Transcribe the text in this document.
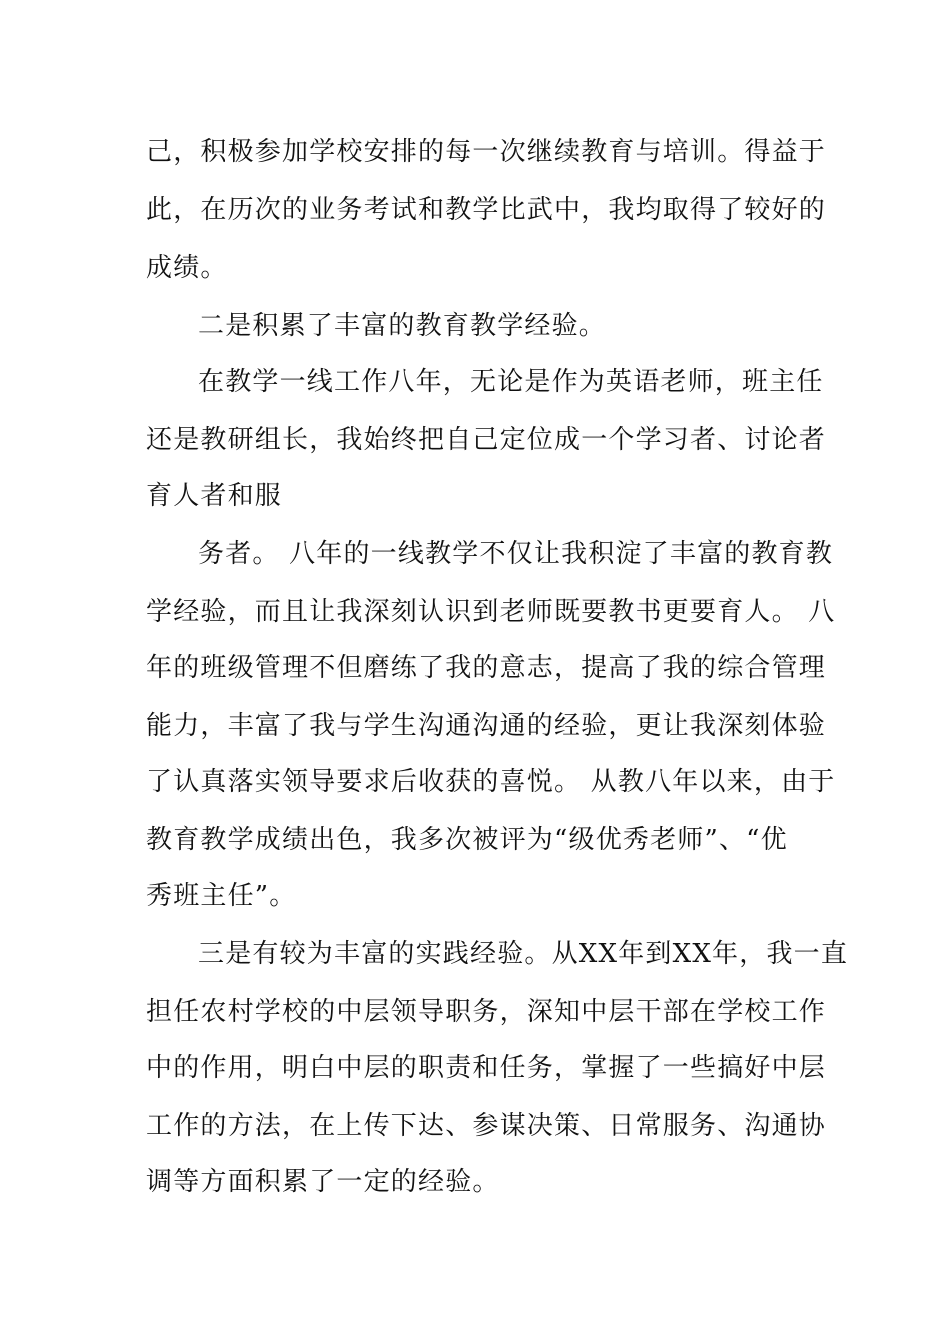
己，积极参加学校安排的每一次继续教育与培训。得益于
此，在历次的业务考试和教学比武中，我均取得了较好的
成绩。
二是积累了丰富的教育教学经验。
在教学一线工作八年，无论是作为英语老师，班主任
还是教研组长，我始终把自己定位成一个学习者、讨论者
育人者和服
务者。 八年的一线教学不仅让我积淀了丰富的教育教
学经验，而且让我深刻认识到老师既要教书更要育人。 八
年的班级管理不但磨练了我的意志，提高了我的综合管理
能力，丰富了我与学生沟通沟通的经验，更让我深刻体验
了认真落实领导要求后收获的喜悦。 从教八年以来，由于
教育教学成绩出色，我多次被评为“级优秀老师”、“优
秀班主任”。
三是有较为丰富的实践经验。从XX年到XX年，我一直
担任农村学校的中层领导职务，深知中层干部在学校工作
中的作用，明白中层的职责和任务，掌握了一些搞好中层
工作的方法，在上传下达、参谋决策、日常服务、沟通协
调等方面积累了一定的经验。
